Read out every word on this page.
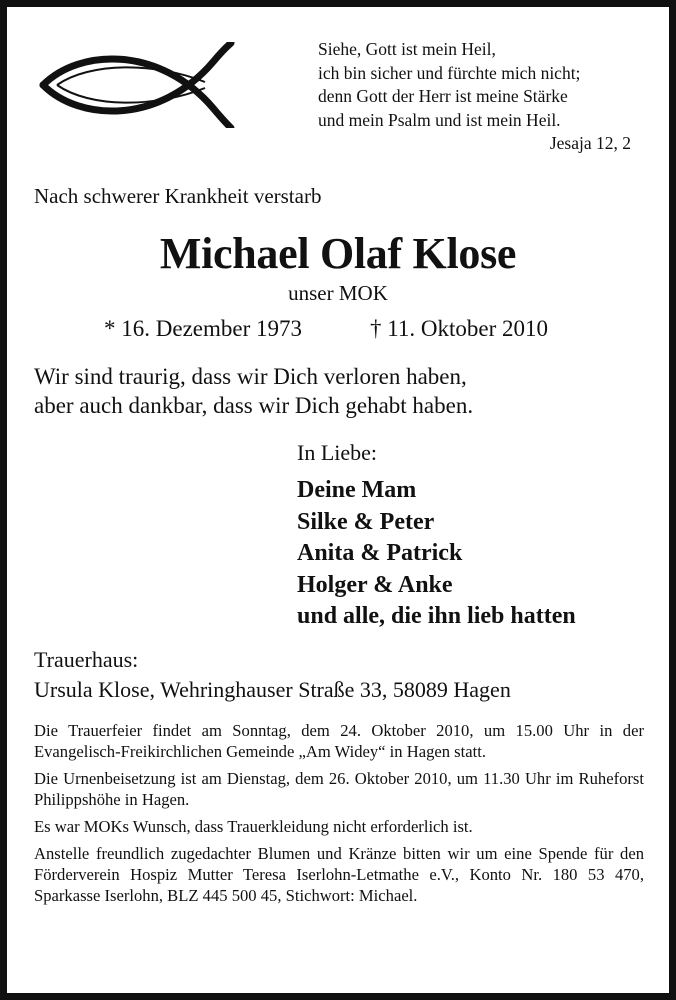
Siehe, Gott ist mein Heil,
ich bin sicher und fürchte mich nicht;
denn Gott der Herr ist meine Stärke
und mein Psalm und ist mein Heil.
Jesaja 12, 2
Nach schwerer Krankheit verstarb
Michael Olaf Klose
unser MOK
* 16. Dezember 1973	† 11. Oktober 2010
Wir sind traurig, dass wir Dich verloren haben,
aber auch dankbar, dass wir Dich gehabt haben.
In Liebe:
Deine Mam
Silke & Peter
Anita & Patrick
Holger & Anke
und alle, die ihn lieb hatten
Trauerhaus:
Ursula Klose, Wehringhauser Straße 33, 58089 Hagen

Die Trauerfeier findet am Sonntag, dem 24. Oktober 2010, um 15.00 Uhr in der Evangelisch-Freikirchlichen Gemeinde „Am Widey“ in Hagen statt.

Die Urnenbeisetzung ist am Dienstag, dem 26. Oktober 2010, um 11.30 Uhr im Ruheforst Philippshöhe in Hagen.

Es war MOKs Wunsch, dass Trauerkleidung nicht erforderlich ist.

Anstelle freundlich zugedachter Blumen und Kränze bitten wir um eine Spende für den Förderverein Hospiz Mutter Teresa Iserlohn-Letmathe e.V., Konto Nr. 180 53 470, Sparkasse Iserlohn, BLZ 445 500 45, Stichwort: Michael.
